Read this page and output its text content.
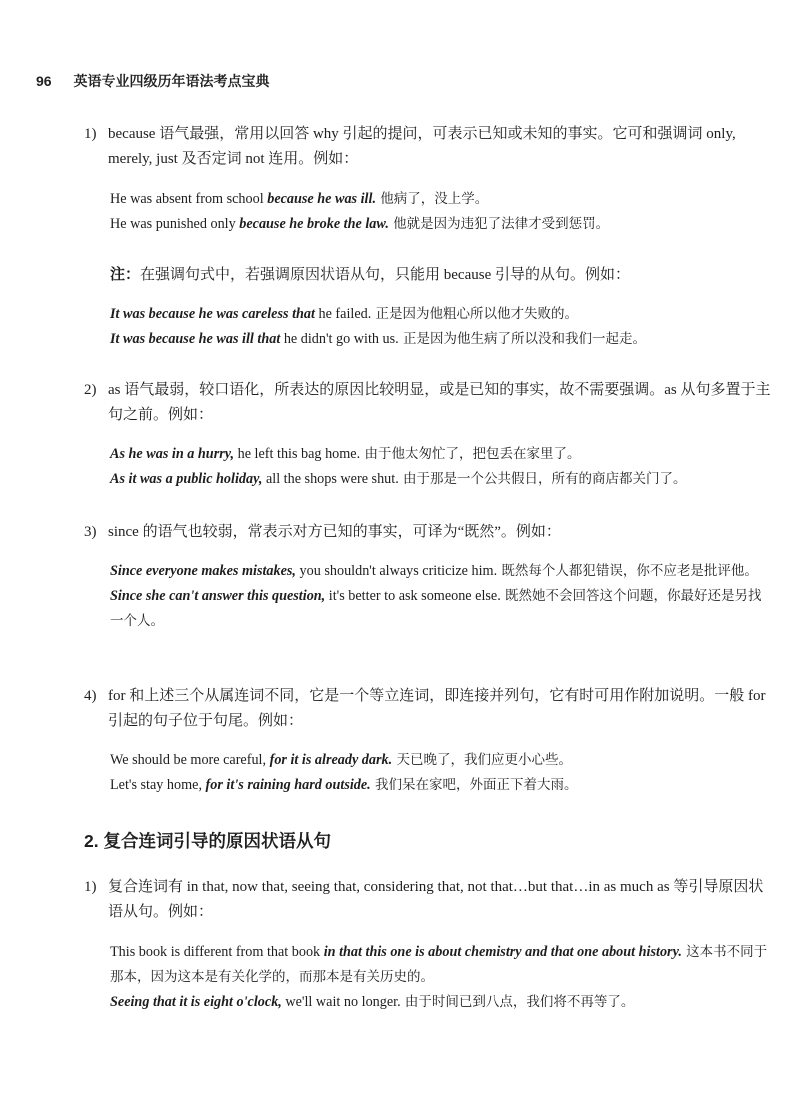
96 英语专业四级历年语法考点宝典
1) because 语气最强，常用以回答 why 引起的提问，可表示已知或未知的事实。它可和强调词 only, merely, just 及否定词 not 连用。例如：
He was absent from school because he was ill. 他病了，没上学。
He was punished only because he broke the law. 他就是因为违犯了法律才受到惩罚。
注：在强调句式中，若强调原因状语从句，只能用 because 引导的从句。例如：
It was because he was careless that he failed. 正是因为他粗心所以他才失败的。
It was because he was ill that he didn't go with us. 正是因为他生病了所以没和我们一起走。
2) as 语气最弱，较口语化，所表达的原因比较明显，或是已知的事实，故不需要强调。as 从句多置于主句之前。例如：
As he was in a hurry, he left this bag home. 由于他太匆忙了，把包丢在家里了。
As it was a public holiday, all the shops were shut. 由于那是一个公共假日，所有的商店都关门了。
3) since 的语气也较弱，常表示对方已知的事实，可译为“既然”。例如：
Since everyone makes mistakes, you shouldn't always criticize him. 既然每个人都犯错误，你不应老是批评他。
Since she can't answer this question, it's better to ask someone else. 既然她不会回答这个问题，你最好还是另找一个人。
4) for 和上述三个从属连词不同，它是一个等立连词，即连接并列句，它有时可用作附加说明。一般 for 引起的句子位于句尾。例如：
We should be more careful, for it is already dark. 天已晚了，我们应更小心些。
Let's stay home, for it's raining hard outside. 我们呆在家吧，外面正下着大雨。
2. 复合连词引导的原因状语从句
1) 复合连词有 in that, now that, seeing that, considering that, not that…but that…in as much as 等引导原因状语从句。例如：
This book is different from that book in that this one is about chemistry and that one about history. 这本书不同于那本，因为这本是有关化学的，而那本是有关历史的。
Seeing that it is eight o'clock, we'll wait no longer. 由于时间已到八点，我们将不再等了。
